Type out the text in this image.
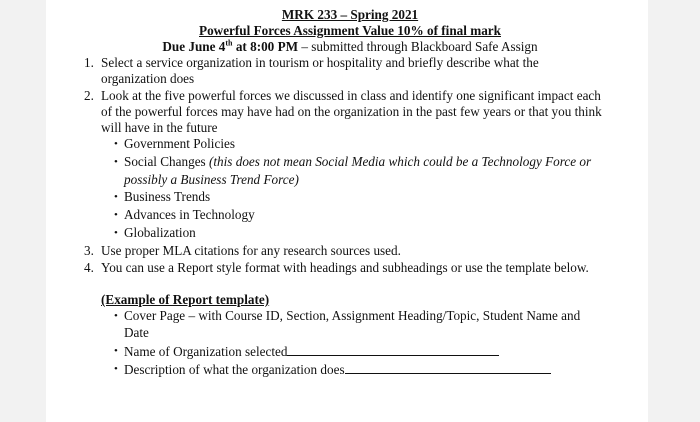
MRK 233 – Spring 2021
Powerful Forces Assignment Value 10% of final mark
Due June 4th at 8:00 PM – submitted through Blackboard Safe Assign
1. Select a service organization in tourism or hospitality and briefly describe what the
organization does
2. Look at the five powerful forces we discussed in class and identify one significant impact each
of the powerful forces may have had on the organization in the past few years or that you think
will have in the future
• Government Policies
• Social Changes (this does not mean Social Media which could be a Technology Force or
possibly a Business Trend Force)
• Business Trends
• Advances in Technology
• Globalization
3. Use proper MLA citations for any research sources used.
4. You can use a Report style format with headings and subheadings or use the template below.
(Example of Report template)
• Cover Page – with Course ID, Section, Assignment Heading/Topic, Student Name and
Date
• Name of Organization selected
• Description of what the organization does
